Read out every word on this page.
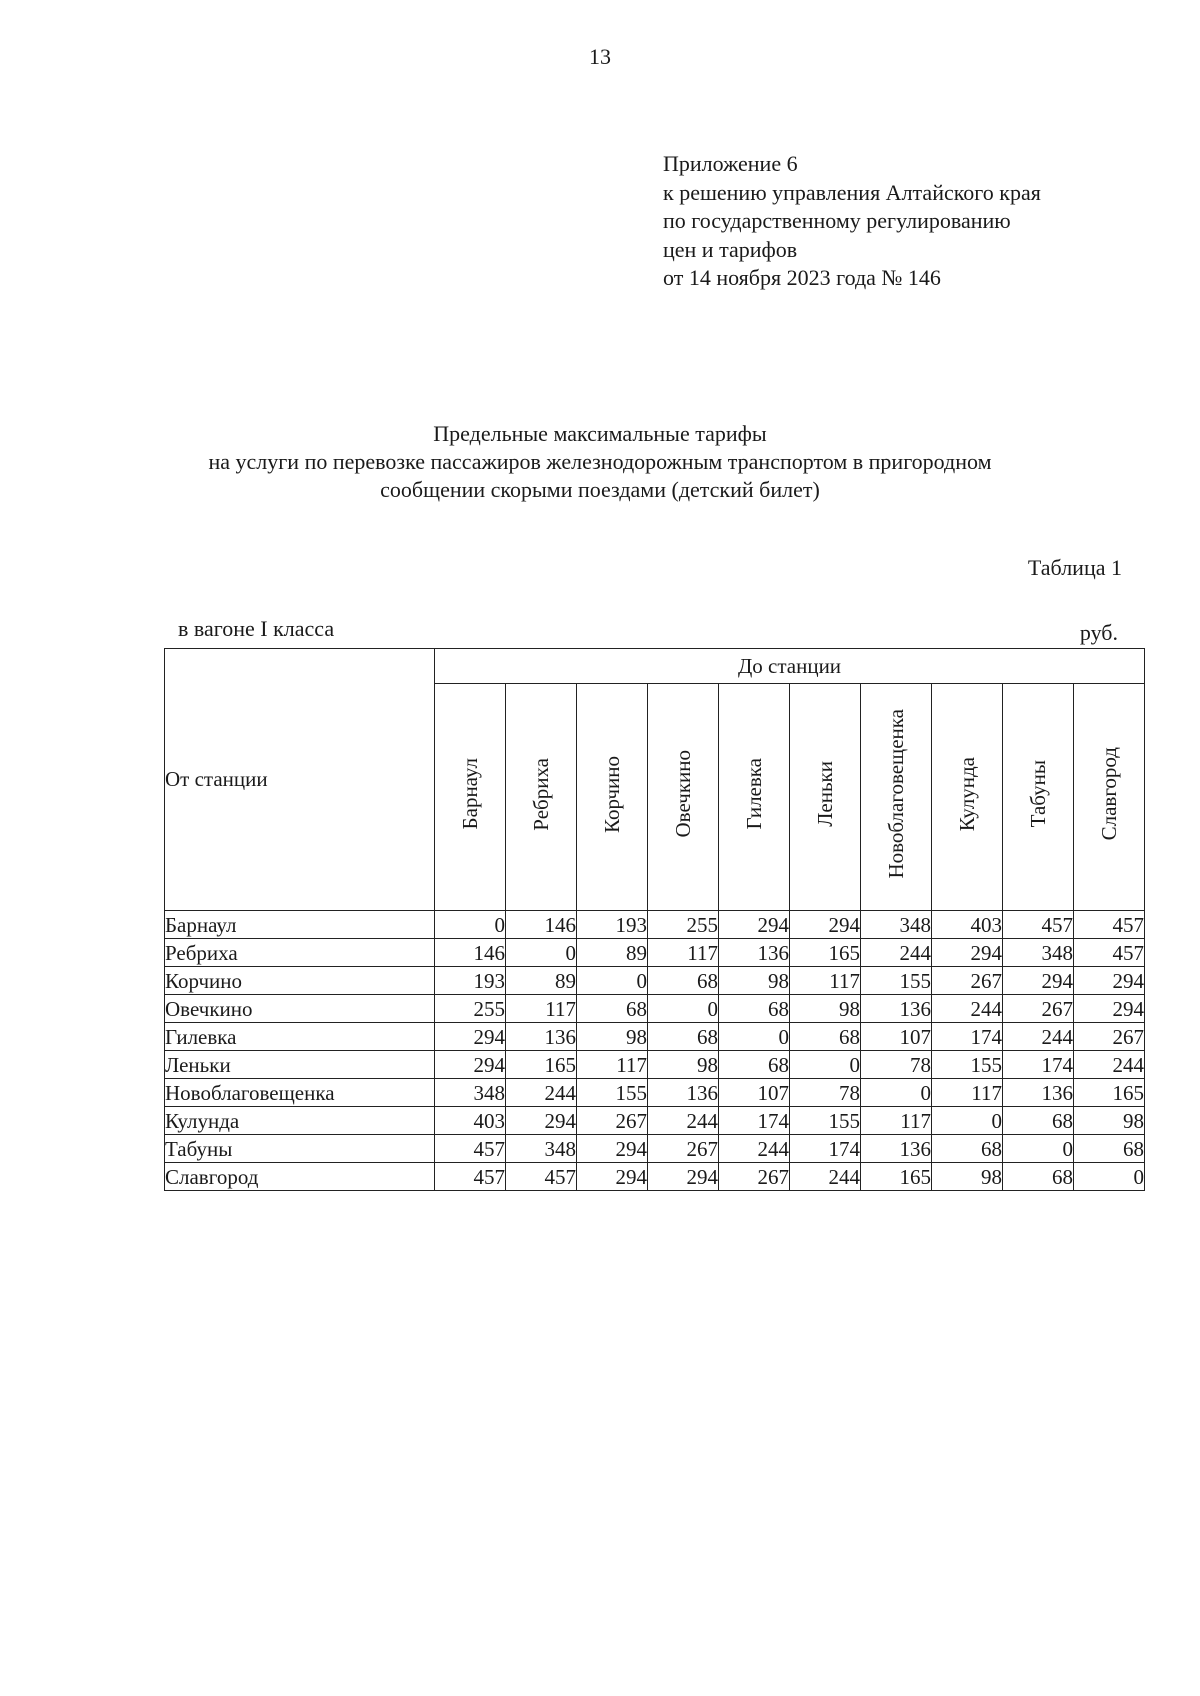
13
Приложение 6
к решению управления Алтайского края
по государственному регулированию
цен и тарифов
от 14 ноября 2023 года № 146
Предельные максимальные тарифы
на услуги по перевозке пассажиров железнодорожным транспортом в пригородном
сообщении скорыми поездами (детский билет)
Таблица 1
в вагоне I класса	руб.
От станции	До станции									
	Барнаул	Ребриха	Корчино	Овечкино	Гилевка	Леньки	Новоблаговещенка	Кулунда	Табуны	Славгород
Барнаул	0	146	193	255	294	294	348	403	457	457
Ребриха	146	0	89	117	136	165	244	294	348	457
Корчино	193	89	0	68	98	117	155	267	294	294
Овечкино	255	117	68	0	68	98	136	244	267	294
Гилевка	294	136	98	68	0	68	107	174	244	267
Леньки	294	165	117	98	68	0	78	155	174	244
Новоблаговещенка	348	244	155	136	107	78	0	117	136	165
Кулунда	403	294	267	244	174	155	117	0	68	98
Табуны	457	348	294	267	244	174	136	68	0	68
Славгород	457	457	294	294	267	244	165	98	68	0
